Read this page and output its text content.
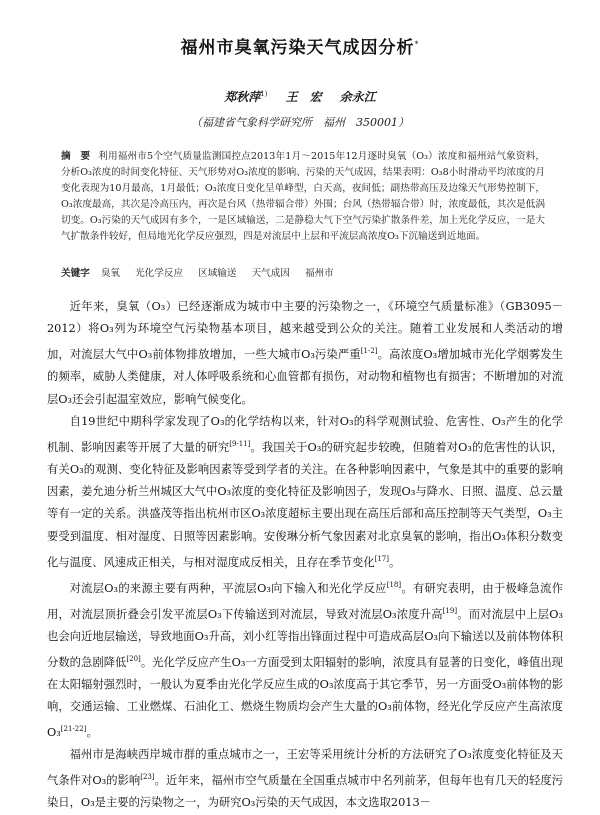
福州市臭氧污染天气成因分析*
郑秋萍$^{1)}$ 王　宏 余永江
（福建省气象科学研究所　福州　350001）
摘　要 利用福州市5个空气质量监测国控点2013年1月～2015年12月逐时臭氧（O₃）浓度和福州站气象资料，分析O₃浓度的时间变化特征、天气形势对O₃浓度的影响、污染的天气成因，结果表明：O₃8小时滑动平均浓度的月变化表现为10月最高，1月最低；O₃浓度日变化呈单峰型，白天高，夜间低；副热带高压及边缘天气形势控制下，O₃浓度最高，其次是冷高压内，再次是台风（热带辐合带）外围；台风（热带辐合带）时，浓度最低，其次是低涡切变。O₃污染的天气成因有多个，一是区域输送，二是静稳大气下空气污染扩散条件差，加上光化学反应，一是大气扩散条件较好，但局地光化学反应强烈，四是对流层中上层和平流层高浓度O₃下沉输送到近地面。
关键字 臭氧 光化学反应 区域输送 天气成因 福州市

近年来，臭氧（O₃）已经逐渐成为城市中主要的污染物之一，《环境空气质量标准》（GB3095－2012）将O₃列为环境空气污染物基本项目，越来越受到公众的关注。随着工业发展和人类活动的增加，对流层大气中O₃前体物排放增加，一些大城市O₃污染严重[1-2]。高浓度O₃增加城市光化学烟雾发生的频率，威胁人类健康，对人体呼吸系统和心血管都有损伤，对动物和植物也有损害；不断增加的对流层O₃还会引起温室效应，影响气候变化。

自19世纪中期科学家发现了O₃的化学结构以来，针对O₃的科学观测试验、危害性、O₃产生的化学机制、影响因素等开展了大量的研究[9-11]。我国关于O₃的研究起步较晚，但随着对O₃的危害性的认识，有关O₃的观测、变化特征及影响因素等受到学者的关注。在各种影响因素中，气象是其中的重要的影响因素，姜允迪分析兰州城区大气中O₃浓度的变化特征及影响因子，发现O₃与降水、日照、温度、总云量等有一定的关系。洪盛茂等指出杭州市区O₃浓度超标主要出现在高压后部和高压控制等天气类型，O₃主要受到温度、相对湿度、日照等因素影响。安俊琳分析气象因素对北京臭氧的影响，指出O₃体积分数变化与温度、风速成正相关，与相对湿度成反相关，且存在季节变化[17]。

对流层O₃的来源主要有两种，平流层O₃向下输入和光化学反应[18]。有研究表明，由于极峰急流作用，对流层顶折叠会引发平流层O₃下传输送到对流层，导致对流层O₃浓度升高[19]。而对流层中上层O₃也会向近地层输送，导致地面O₃升高，刘小红等指出锋面过程中可造成高层O₃向下输送以及前体物体积分数的急剧降低[20]。光化学反应产生O₃一方面受到太阳辐射的影响，浓度具有显著的日变化，峰值出现在太阳辐射强烈时，一般认为夏季由光化学反应生成的O₃浓度高于其它季节，另一方面受O₃前体物的影响，交通运输、工业燃煤、石油化工、燃烧生物质均会产生大量的O₃前体物，经光化学反应产生高浓度O₃[21-22]。

福州市是海峡西岸城市群的重点城市之一，王宏等采用统计分析的方法研究了O₃浓度变化特征及天气条件对O₃的影响[23]。近年来，福州市空气质量在全国重点城市中名列前茅，但每年也有几天的轻度污染日，O₃是主要的污染物之一，为研究O₃污染的天气成因，本文选取2013－
